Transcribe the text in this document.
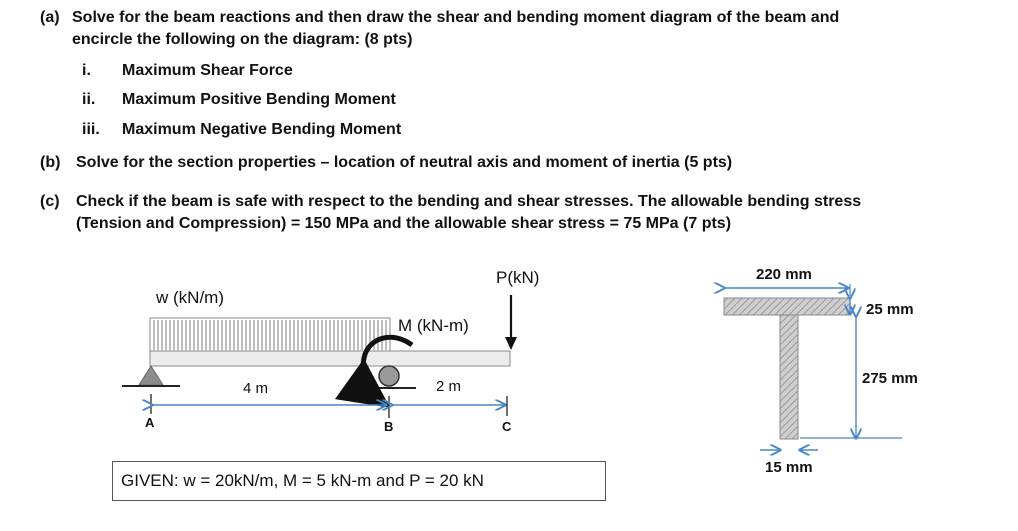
(a) Solve for the beam reactions and then draw the shear and bending moment diagram of the beam and
encircle the following on the diagram: (8 pts)
i. Maximum Shear Force
ii. Maximum Positive Bending Moment
iii. Maximum Negative Bending Moment
(b) Solve for the section properties – location of neutral axis and moment of inertia (5 pts)
(c) Check if the beam is safe with respect to the bending and shear stresses. The allowable bending stress
(Tension and Compression) = 150 MPa and the allowable shear stress = 75 MPa (7 pts)
w (kN/m)
P(kN)
M (kN-m)
4 m	2 m
A	B	C
220 mm
25 mm
275 mm
15 mm
GIVEN: w = 20kN/m, M = 5 kN-m and P = 20 kN
